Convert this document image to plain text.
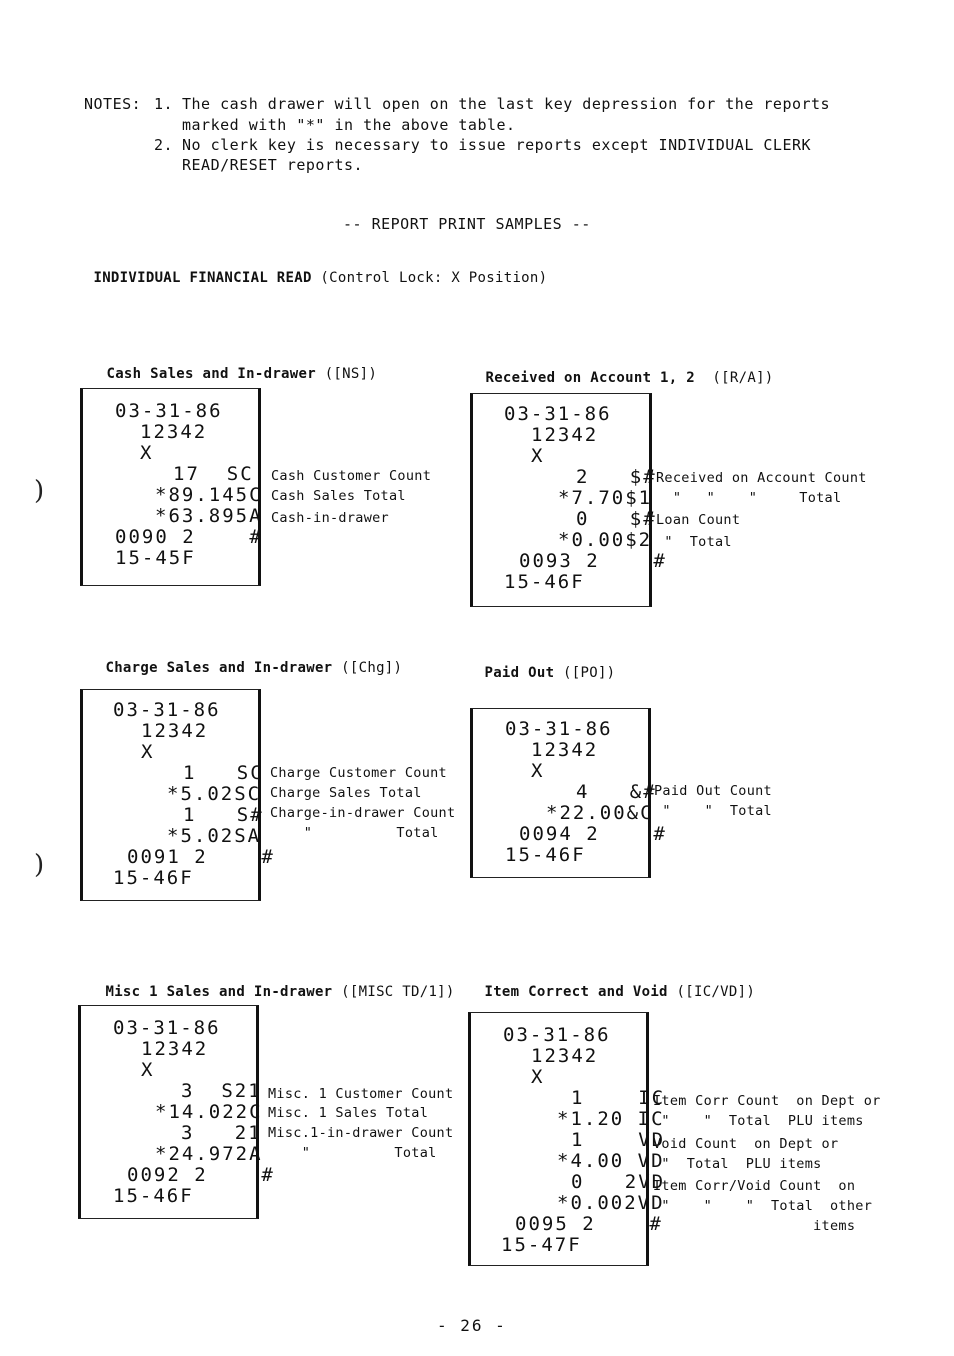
NOTES: 1. The cash drawer will open on the last key depression for the reports
marked with "*" in the above table.
2. No clerk key is necessary to issue reports except INDIVIDUAL CLERK
READ/RESET reports.
-- REPORT PRINT SAMPLES --

INDIVIDUAL FINANCIAL READ (Control Lock: X Position)

)
)

Cash Sales and In-drawer ([NS])

03-31-86
12342
X
17  SC
*89.145C
*63.895A
0090 2    #
15-45F
Cash Customer Count
Cash Sales Total
Cash-in-drawer

Received on Account 1, 2  ([R/A])

03-31-86
12342
X
2   $#
*7.70$1
0   $#
*0.00$2
0093 2    #
15-46F
Received on Account Count
"   "    "     Total
Loan Count
"  Total

Charge Sales and In-drawer ([Chg])

03-31-86
12342
X
1   SC
*5.02SC
1   S#
*5.02SA
0091 2    #
15-46F
Charge Customer Count
Charge Sales Total
Charge-in-drawer Count
"          Total

Paid Out ([PO])

03-31-86
12342
X
4   &#
*22.00&C
0094 2    #
15-46F
Paid Out Count
"    "  Total

Misc 1 Sales and In-drawer ([MISC TD/1])

03-31-86
12342
X
3  S21
*14.022C
3   21
*24.972A
0092 2    #
15-46F
Misc. 1 Customer Count
Misc. 1 Sales Total
Misc.1-in-drawer Count
"          Total

Item Correct and Void ([IC/VD])

03-31-86
12342
X
1    IC
*1.20 IC
1    VD
*4.00 VD
0   2VD
*0.002VD
0095 2    #
15-47F
Item Corr Count  on Dept or
"    "  Total  PLU items
Void Count  on Dept or
"  Total  PLU items
Item Corr/Void Count  on
"    "    "  Total  other
items
- 26 -
